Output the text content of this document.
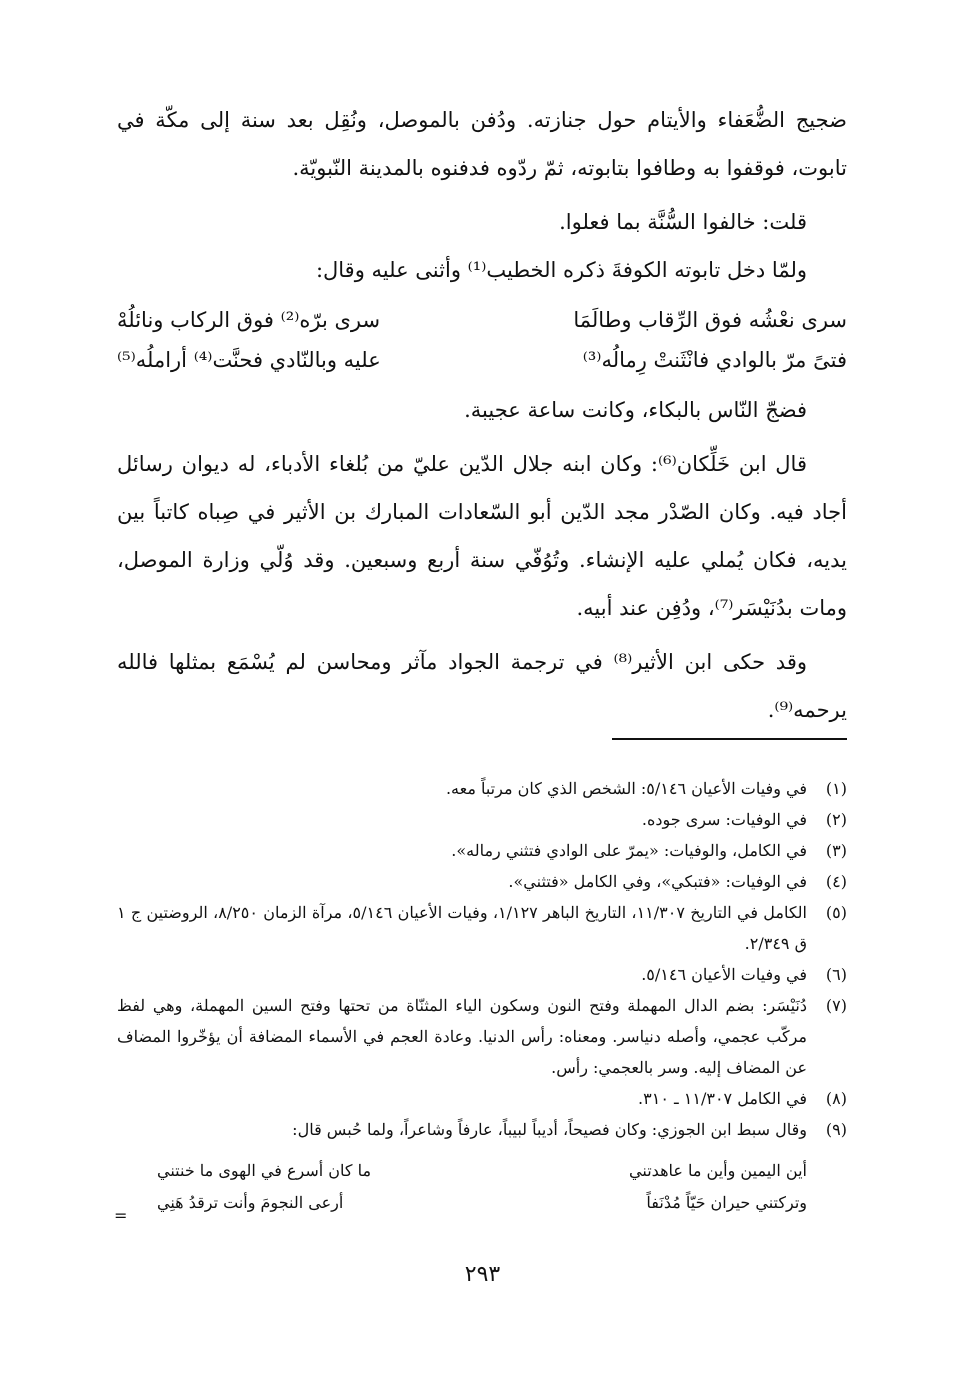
ضجيج الضُّعَفاء والأيتام حول جنازته. ودُفن بالموصل، ونُقِل بعد سنة إلى مكّة في تابوت، فوقفوا به وطافوا بتابوته، ثمّ ردّوه فدفنوه بالمدينة النّبويّة.

قلت: خالفوا السُّنَّة بما فعلوا.

ولمّا دخل تابوته الكوفةَ ذكره الخطيب⁽¹⁾ وأثنى عليه وقال:

سرى نعْشُه فوق الرِّقاب وطالَمَا
سرى برّه⁽²⁾ فوق الركاب ونائلُهْ
فتىً مرّ بالوادي فانْثَنتْ رِمالُه⁽³⁾
عليه وبالنّادي فحنَّت⁽⁴⁾ أراملُه⁽⁵⁾

فضجّ النّاس بالبكاء، وكانت ساعة عجيبة.

قال ابن خَلِّكان⁽⁶⁾: وكان ابنه جلال الدّين عليّ من بُلغاء الأدباء، له ديوان رسائل أجاد فيه. وكان الصّدْر مجد الدّين أبو السّعادات المبارك بن الأثير في صِباه كاتباً بين يديه، فكان يُملي عليه الإنشاء. وتُوُفّي سنة أربع وسبعين. وقد وُلّي وزارة الموصل، ومات بدُنَيْسَر⁽⁷⁾، ودُفِن عند أبيه.

وقد حكى ابن الأثير⁽⁸⁾ في ترجمة الجواد مآثر ومحاسن لم يُسْمَع بمثلها فالله يرحمه⁽⁹⁾.

(١)
في وفيات الأعيان ٥/١٤٦: الشخص الذي كان مرتباً معه.
(٢)
في الوفيات: سرى جوده.
(٣)
في الكامل، والوفيات: «يمرّ على الوادي فتثني رماله».
(٤)
في الوفيات: «فتبكي»، وفي الكامل «فتثني».
(٥)
الكامل في التاريخ ١١/٣٠٧، التاريخ الباهر ١/١٢٧، وفيات الأعيان ٥/١٤٦، مرآة الزمان ٨/٢٥٠، الروضتين ج ١ ق ٢/٣٤٩.
(٦)
في وفيات الأعيان ٥/١٤٦.
(٧)
دُنَيْسَر: بضم الدال المهملة وفتح النون وسكون الياء المثنّاة من تحتها وفتح السين المهملة، وهي لفظ مركّب عجمي، وأصله دنياسر. ومعناه: رأس الدنيا. وعادة العجم في الأسماء المضافة أن يؤخّروا المضاف عن المضاف إليه. وسر بالعجمي: رأس.
(٨)
في الكامل ١١/٣٠٧ ـ ٣١٠.
(٩)
وقال سبط ابن الجوزي: وكان فصيحاً، أديباً لبيباً، عارفاً وشاعراً، ولما حُبس قال:
أين اليمين وأين ما عاهدتني
ما كان أسرع في الهوى ما خنتني
وتركتني حيران حَيّاً مُدْنَفاً
أرعى النجومَ وأنت ترقدُ هَنِي
=
٢٩٣
